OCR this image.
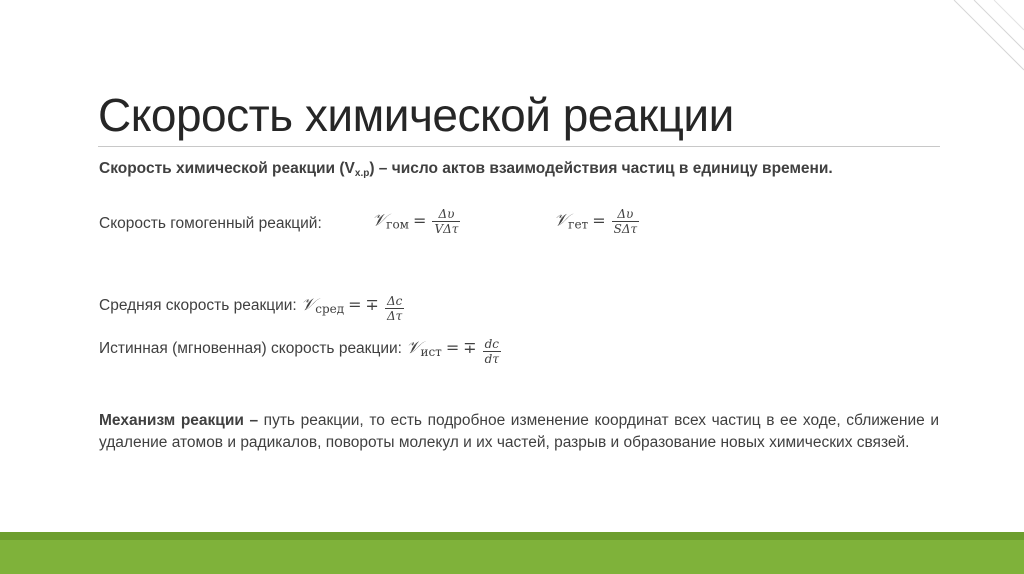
Скорость химической реакции
Скорость химической реакции $(V_{х.р})$ – число актов взаимодействия частиц в единицу времени.
Скорость гомогенный реакций:	𝒱гом = $\frac{\text{Δ𝜐}}{\text{𝑉Δ𝜏}}$	𝒱гет = $\frac{\text{Δ𝜐}}{\text{𝑆Δ𝜏}}$
Средняя скорость реакции: 𝒱сред = ∓ $\frac{\text{Δ𝑐}}{\text{Δ𝜏}}$
Истинная (мгновенная) скорость реакции: 𝒱ист = ∓ $\frac{\text{𝑑𝑐}}{\text{𝑑𝜏}}$
Механизм реакции – путь реакции, то есть подробное изменение координат всех частиц в ее ходе, сближение и удаление атомов и радикалов, повороты молекул и их частей, разрыв и образование новых химических связей.
